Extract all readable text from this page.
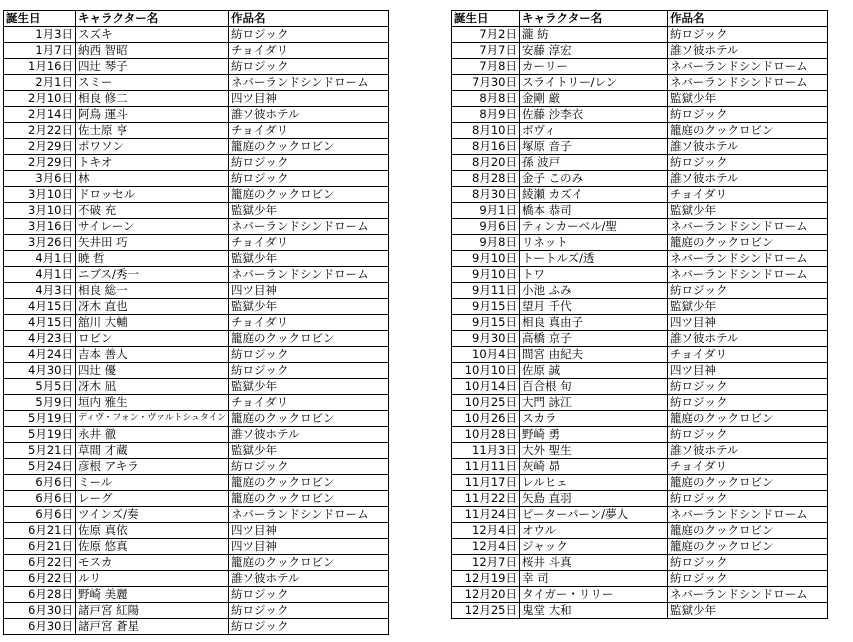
誕生日	キャラクター名	作品名
1月3日	スズキ	紡ロジック
1月7日	納西 智昭	チョイダリ
1月16日	四辻 琴子	紡ロジック
2月1日	スミー	ネバーランドシンドローム
2月10日	相良 修二	四ツ目神
2月14日	阿鳥 運斗	誰ソ彼ホテル
2月22日	佐士原 亨	チョイダリ
2月29日	ポワソン	籠庭のクックロビン
2月29日	トキオ	紡ロジック
3月6日	林	紡ロジック
3月10日	ドロッセル	籠庭のクックロビン
3月10日	不破 充	監獄少年
3月16日	サイレーン	ネバーランドシンドローム
3月26日	矢井田 巧	チョイダリ
4月1日	暁 哲	監獄少年
4月1日	ニブス/秀一	ネバーランドシンドローム
4月3日	相良 総一	四ツ目神
4月15日	冴木 直也	監獄少年
4月15日	舘川 大輔	チョイダリ
4月23日	ロビン	籠庭のクックロビン
4月24日	吉本 善人	紡ロジック
4月30日	四辻 優	紡ロジック
5月5日	冴木 凪	監獄少年
5月9日	垣内 雅生	チョイダリ
5月19日	ディヴ・フォン・ヴァルトシュタイン	籠庭のクックロビン
5月19日	永井 徹	誰ソ彼ホテル
5月21日	草間 才蔵	監獄少年
5月24日	彦根 アキラ	紡ロジック
6月6日	ミール	籠庭のクックロビン
6月6日	レーグ	籠庭のクックロビン
6月6日	ツインズ/奏	ネバーランドシンドローム
6月21日	佐原 真依	四ツ目神
6月21日	佐原 悠真	四ツ目神
6月22日	モスカ	籠庭のクックロビン
6月22日	ルリ	誰ソ彼ホテル
6月28日	野崎 美麗	紡ロジック
6月30日	諸戸宮 紅陽	紡ロジック
6月30日	諸戸宮 蒼星	紡ロジック
誕生日	キャラクター名	作品名
7月2日	瀧 紡	紡ロジック
7月7日	安藤 淳宏	誰ソ彼ホテル
7月8日	カーリー	ネバーランドシンドローム
7月30日	スライトリー/レン	ネバーランドシンドローム
8月8日	金剛 厳	監獄少年
8月9日	佐藤 沙李衣	紡ロジック
8月10日	ボヴィ	籠庭のクックロビン
8月16日	塚原 音子	誰ソ彼ホテル
8月20日	孫 波戸	紡ロジック
8月28日	金子 このみ	誰ソ彼ホテル
8月30日	綾瀬 カズイ	チョイダリ
9月1日	橋本 恭司	監獄少年
9月6日	ティンカーベル/聖	ネバーランドシンドローム
9月8日	リネット	籠庭のクックロビン
9月10日	トートルズ/透	ネバーランドシンドローム
9月10日	トワ	ネバーランドシンドローム
9月11日	小池 ふみ	紡ロジック
9月15日	望月 千代	監獄少年
9月15日	相良 真由子	四ツ目神
9月30日	高橋 京子	誰ソ彼ホテル
10月4日	間宮 由紀夫	チョイダリ
10月10日	佐原 誠	四ツ目神
10月14日	百合根 旬	紡ロジック
10月25日	大門 詠江	紡ロジック
10月26日	スカラ	籠庭のクックロビン
10月28日	野崎 勇	紡ロジック
11月3日	大外 聖生	誰ソ彼ホテル
11月11日	灰崎 昴	チョイダリ
11月17日	レルヒェ	籠庭のクックロビン
11月22日	矢島 直羽	紡ロジック
11月24日	ピーターパーン/夢人	ネバーランドシンドローム
12月4日	オウル	籠庭のクックロビン
12月4日	ジャック	籠庭のクックロビン
12月7日	桜井 斗真	紡ロジック
12月19日	幸 司	紡ロジック
12月20日	タイガー・リリー	ネバーランドシンドローム
12月25日	鬼堂 大和	監獄少年
